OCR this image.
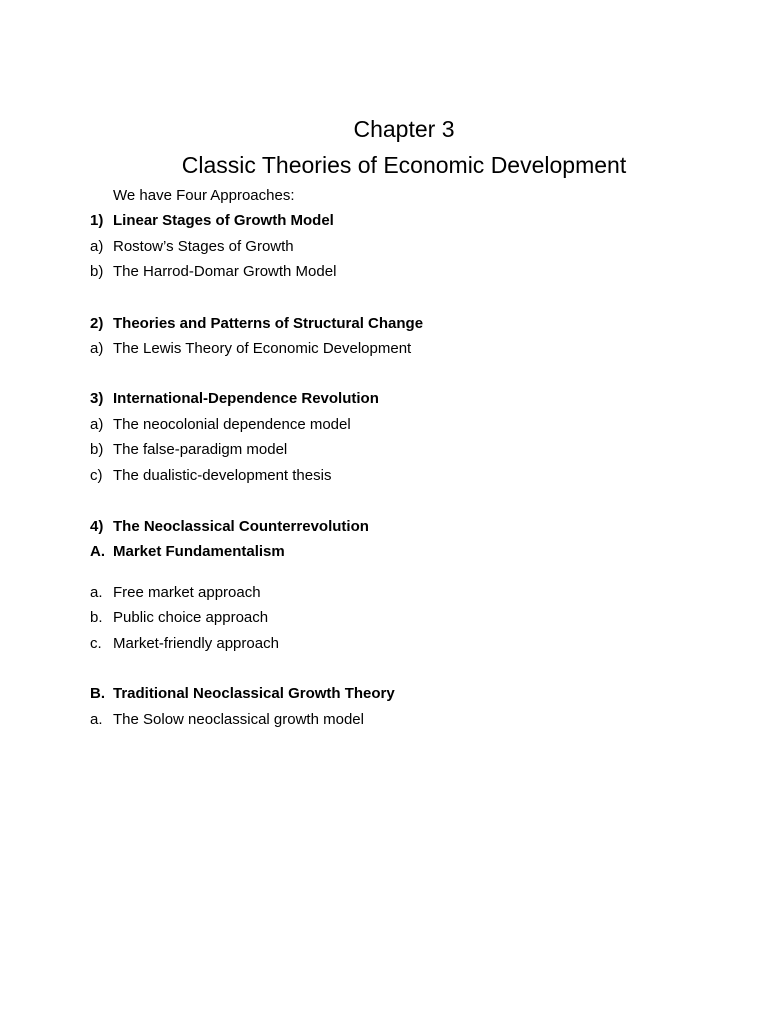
Chapter 3
Classic Theories of Economic Development
We have Four Approaches:
1) Linear Stages of Growth Model
a) Rostow’s Stages of Growth
b) The Harrod-Domar Growth Model
2) Theories and Patterns of Structural Change
a) The Lewis Theory of Economic Development
3) International-Dependence Revolution
a) The neocolonial dependence model
b) The false-paradigm model
c) The dualistic-development thesis
4) The Neoclassical Counterrevolution
A. Market Fundamentalism
a. Free market approach
b. Public choice approach
c. Market-friendly approach
B. Traditional Neoclassical Growth Theory
a. The Solow neoclassical growth model
